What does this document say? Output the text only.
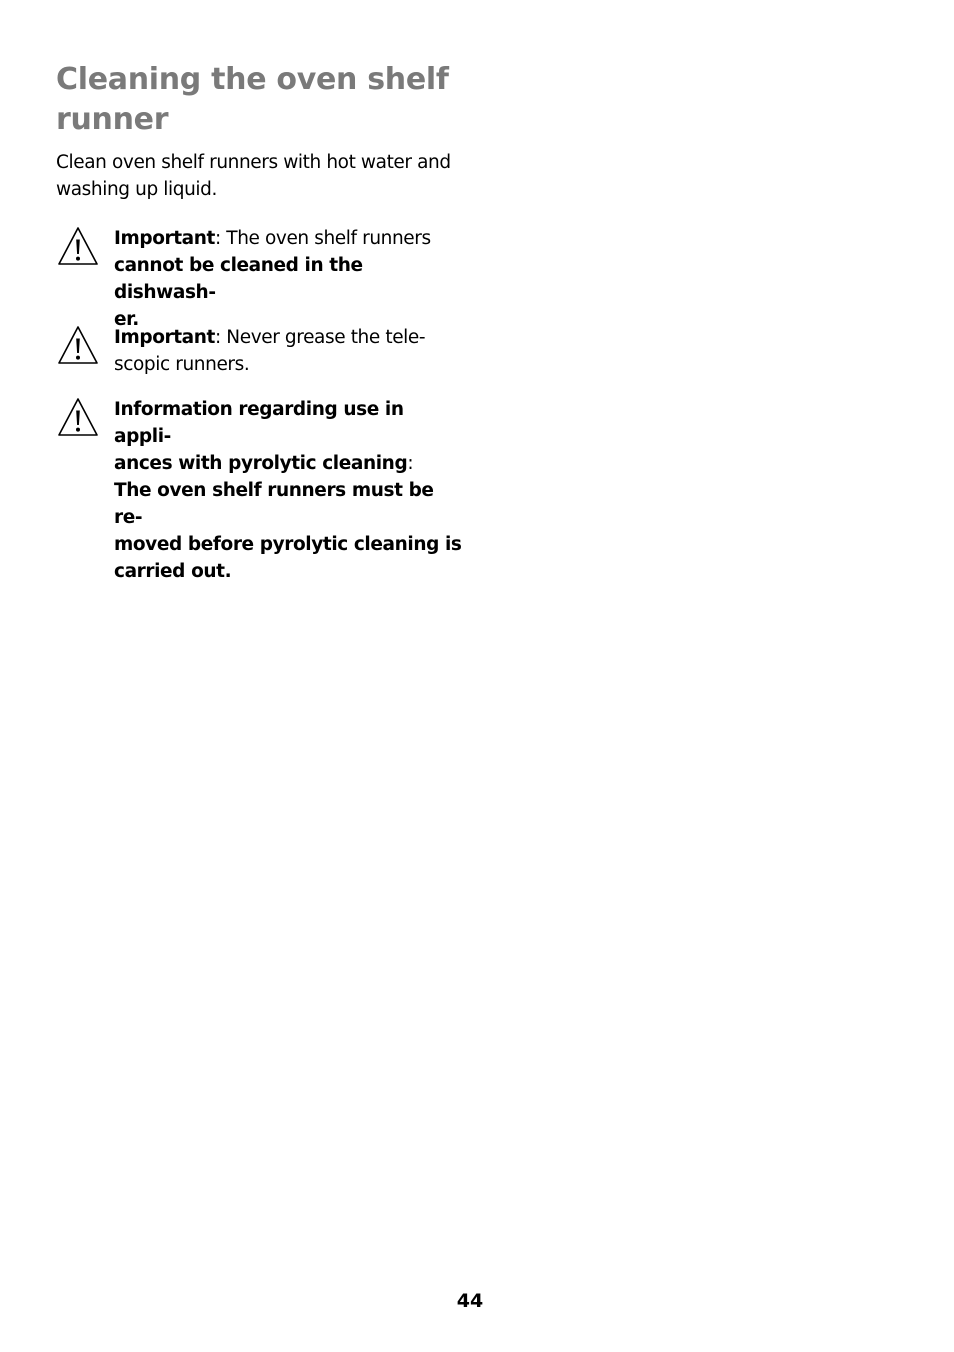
Cleaning the oven shelf runner

Clean oven shelf runners with hot water and washing up liquid.

Important: The oven shelf runners
cannot be cleaned in the dishwash-
er.

Important: Never grease the tele-
scopic runners.

Information regarding use in appli-
ances with pyrolytic cleaning:
The oven shelf runners must be re-
moved before pyrolytic cleaning is
carried out.

44
